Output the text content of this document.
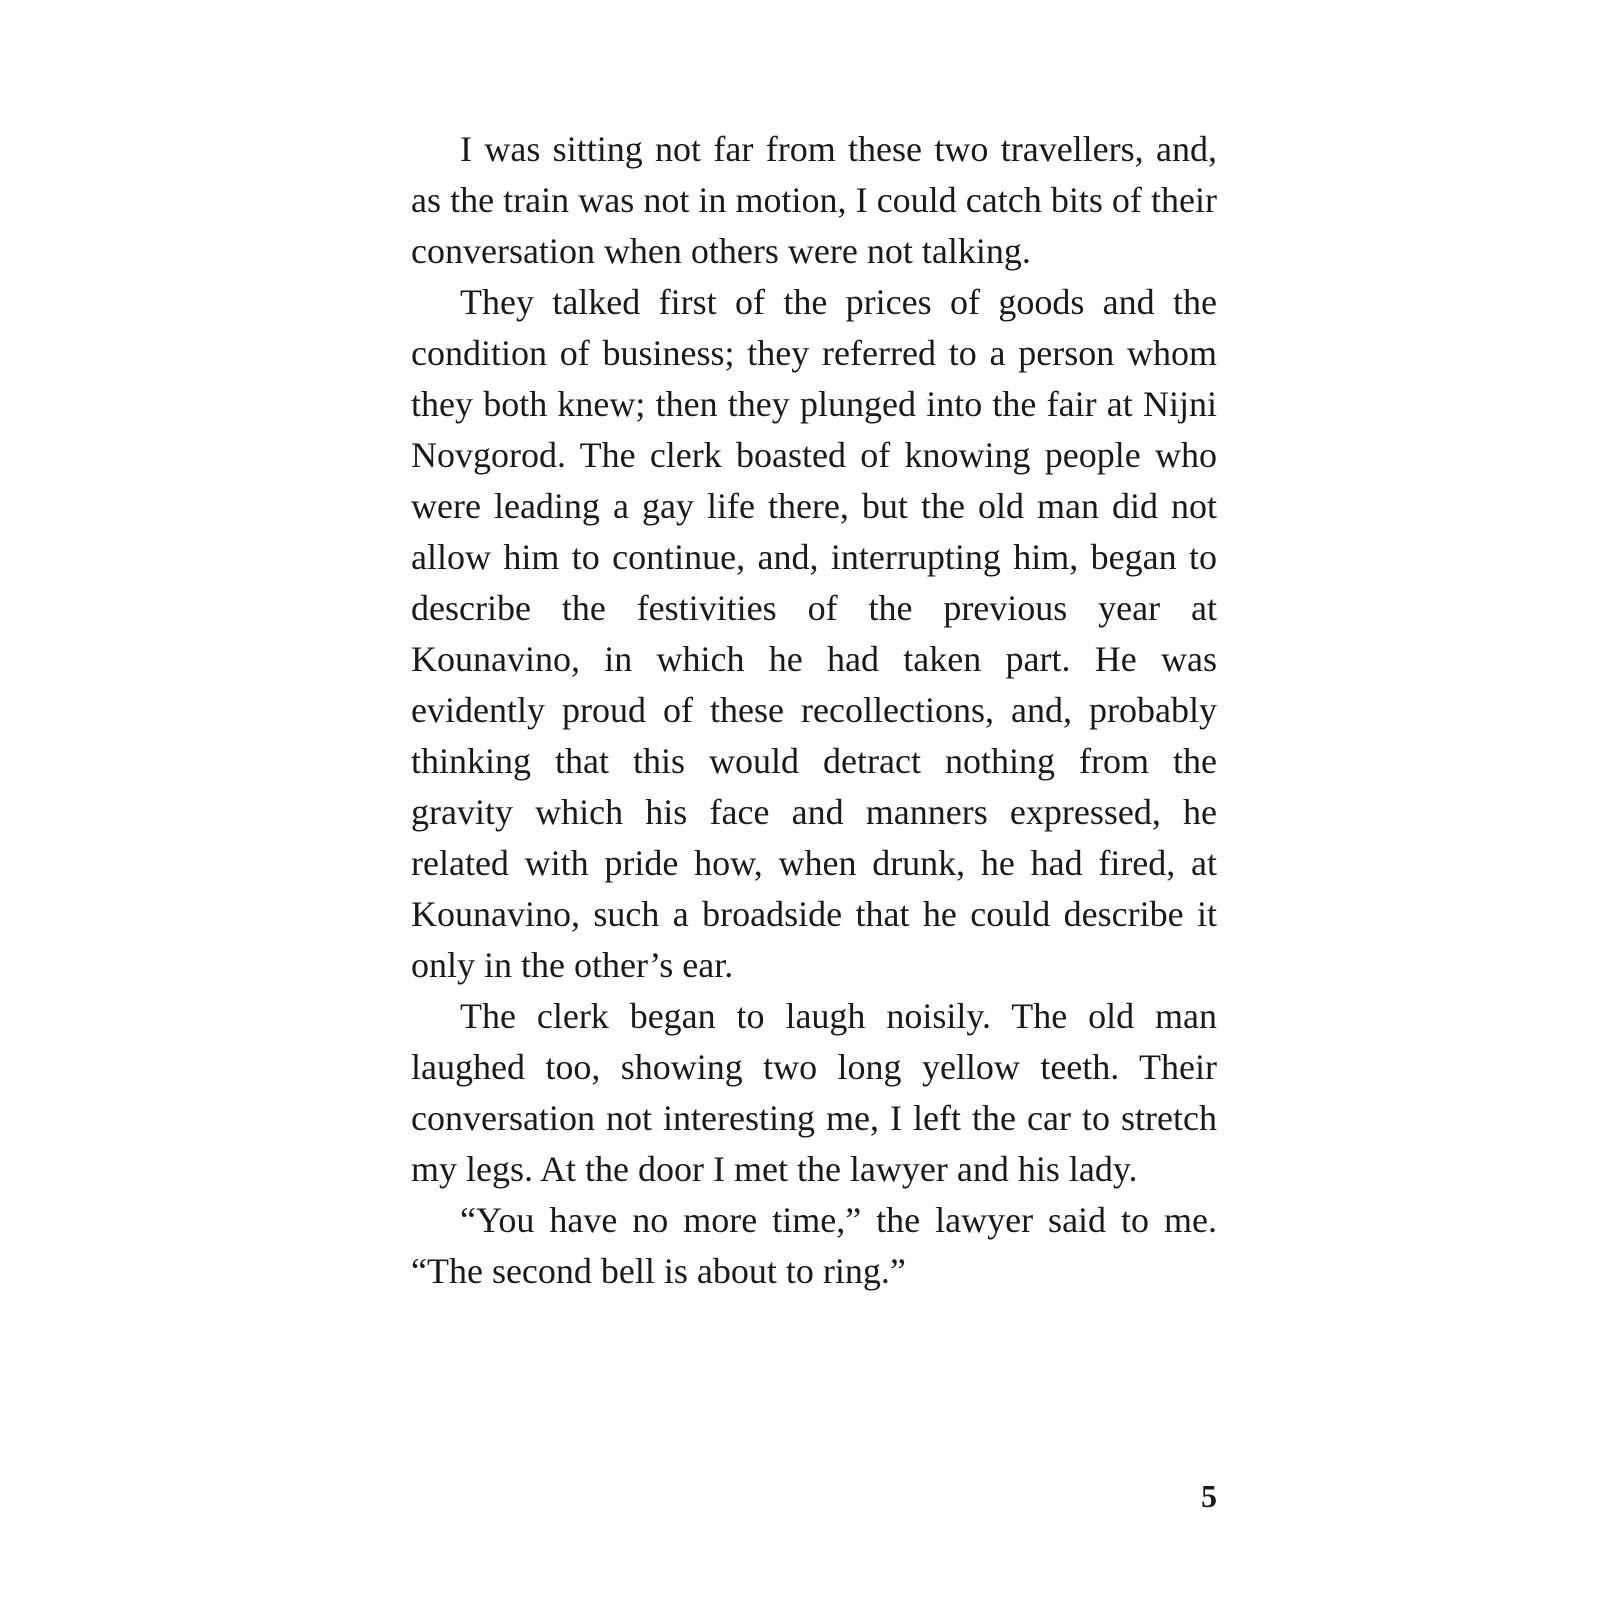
I was sitting not far from these two travellers, and, as the train was not in motion, I could catch bits of their conversation when others were not talking.

They talked first of the prices of goods and the condition of business; they referred to a person whom they both knew; then they plunged into the fair at Nijni Novgorod. The clerk boasted of knowing people who were leading a gay life there, but the old man did not allow him to continue, and, interrupting him, began to describe the festivities of the previous year at Kounavino, in which he had taken part. He was evidently proud of these recollections, and, probably thinking that this would detract nothing from the gravity which his face and manners expressed, he related with pride how, when drunk, he had fired, at Kounavino, such a broadside that he could describe it only in the other’s ear.

The clerk began to laugh noisily. The old man laughed too, showing two long yellow teeth. Their conversation not interesting me, I left the car to stretch my legs. At the door I met the lawyer and his lady.

“You have no more time,” the lawyer said to me. “The second bell is about to ring.”

5
